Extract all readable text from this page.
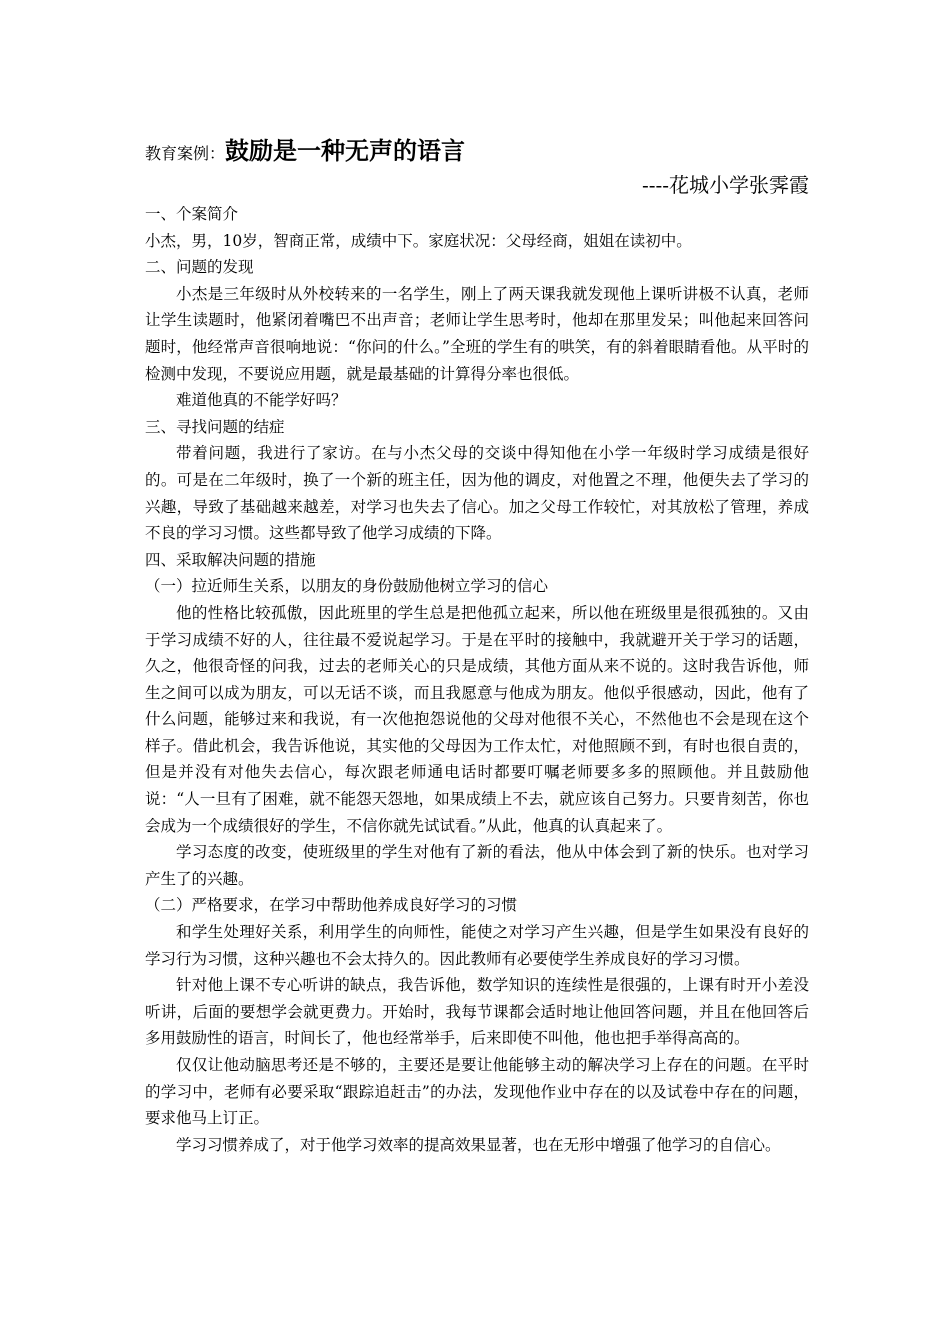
教育案例：鼓励是一种无声的语言
----花城小学张霁霞
一、个案简介
小杰，男，10岁，智商正常，成绩中下。家庭状况：父母经商，姐姐在读初中。
二、问题的发现
小杰是三年级时从外校转来的一名学生，刚上了两天课我就发现他上课听讲极不认真，老师让学生读题时，他紧闭着嘴巴不出声音；老师让学生思考时，他却在那里发呆；叫他起来回答问题时，他经常声音很响地说：“你问的什么。”全班的学生有的哄笑，有的斜着眼睛看他。从平时的检测中发现，不要说应用题，就是最基础的计算得分率也很低。
难道他真的不能学好吗？
三、寻找问题的结症
带着问题，我进行了家访。在与小杰父母的交谈中得知他在小学一年级时学习成绩是很好的。可是在二年级时，换了一个新的班主任，因为他的调皮，对他置之不理，他便失去了学习的兴趣，导致了基础越来越差，对学习也失去了信心。加之父母工作较忙，对其放松了管理，养成不良的学习习惯。这些都导致了他学习成绩的下降。
四、采取解决问题的措施
（一）拉近师生关系，以朋友的身份鼓励他树立学习的信心
他的性格比较孤傲，因此班里的学生总是把他孤立起来，所以他在班级里是很孤独的。又由于学习成绩不好的人，往往最不爱说起学习。于是在平时的接触中，我就避开关于学习的话题，久之，他很奇怪的问我，过去的老师关心的只是成绩，其他方面从来不说的。这时我告诉他，师生之间可以成为朋友，可以无话不谈，而且我愿意与他成为朋友。他似乎很感动，因此，他有了什么问题，能够过来和我说，有一次他抱怨说他的父母对他很不关心，不然他也不会是现在这个样子。借此机会，我告诉他说，其实他的父母因为工作太忙，对他照顾不到，有时也很自责的，但是并没有对他失去信心，每次跟老师通电话时都要叮嘱老师要多多的照顾他。并且鼓励他说：“人一旦有了困难，就不能怨天怨地，如果成绩上不去，就应该自己努力。只要肯刻苦，你也会成为一个成绩很好的学生，不信你就先试试看。”从此，他真的认真起来了。
学习态度的改变，使班级里的学生对他有了新的看法，他从中体会到了新的快乐。也对学习产生了的兴趣。
（二）严格要求，在学习中帮助他养成良好学习的习惯
和学生处理好关系，利用学生的向师性，能使之对学习产生兴趣，但是学生如果没有良好的学习行为习惯，这种兴趣也不会太持久的。因此教师有必要使学生养成良好的学习习惯。
针对他上课不专心听讲的缺点，我告诉他，数学知识的连续性是很强的，上课有时开小差没听讲，后面的要想学会就更费力。开始时，我每节课都会适时地让他回答问题，并且在他回答后多用鼓励性的语言，时间长了，他也经常举手，后来即使不叫他，他也把手举得高高的。
仅仅让他动脑思考还是不够的，主要还是要让他能够主动的解决学习上存在的问题。在平时的学习中，老师有必要采取“跟踪追赶击”的办法，发现他作业中存在的以及试卷中存在的问题，要求他马上订正。
学习习惯养成了，对于他学习效率的提高效果显著，也在无形中增强了他学习的自信心。
